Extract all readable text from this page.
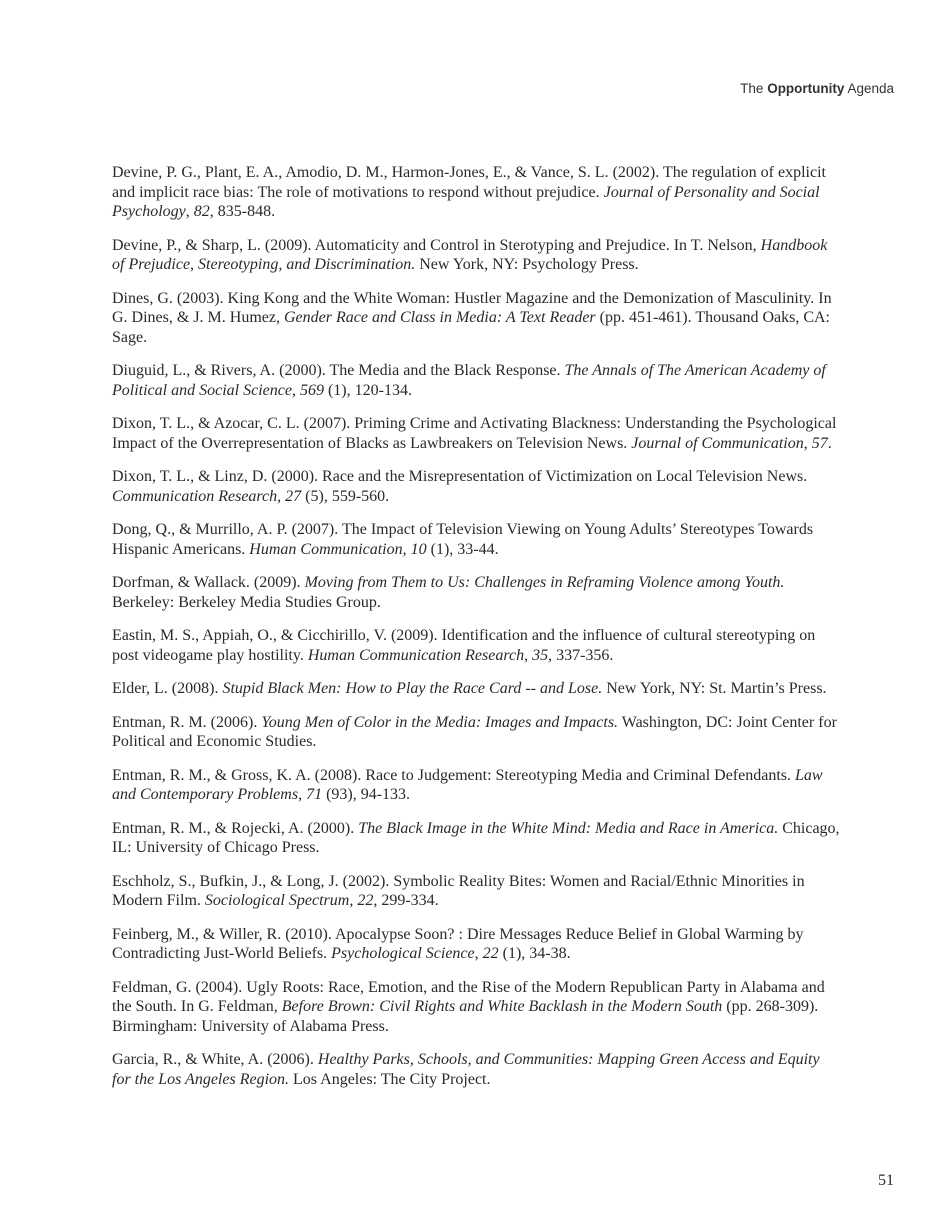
The Opportunity Agenda

Devine, P. G., Plant, E. A., Amodio, D. M., Harmon-Jones, E., & Vance, S. L. (2002). The regulation of explicit and implicit race bias: The role of motivations to respond without prejudice. Journal of Personality and Social Psychology, 82, 835-848.

Devine, P., & Sharp, L. (2009). Automaticity and Control in Sterotyping and Prejudice. In T. Nelson, Handbook of Prejudice, Stereotyping, and Discrimination. New York, NY: Psychology Press.

Dines, G. (2003). King Kong and the White Woman: Hustler Magazine and the Demonization of Masculinity. In G. Dines, & J. M. Humez, Gender Race and Class in Media: A Text Reader (pp. 451-461). Thousand Oaks, CA: Sage.

Diuguid, L., & Rivers, A. (2000). The Media and the Black Response. The Annals of The American Academy of Political and Social Science, 569 (1), 120-134.

Dixon, T. L., & Azocar, C. L. (2007). Priming Crime and Activating Blackness: Understanding the Psychological Impact of the Overrepresentation of Blacks as Lawbreakers on Television News. Journal of Communication, 57.

Dixon, T. L., & Linz, D. (2000). Race and the Misrepresentation of Victimization on Local Television News. Communication Research, 27 (5), 559-560.

Dong, Q., & Murrillo, A. P. (2007). The Impact of Television Viewing on Young Adults’ Stereotypes Towards Hispanic Americans. Human Communication, 10 (1), 33-44.

Dorfman, & Wallack. (2009). Moving from Them to Us: Challenges in Reframing Violence among Youth. Berkeley: Berkeley Media Studies Group.

Eastin, M. S., Appiah, O., & Cicchirillo, V. (2009). Identification and the influence of cultural stereotyping on post videogame play hostility. Human Communication Research, 35, 337-356.

Elder, L. (2008). Stupid Black Men: How to Play the Race Card -- and Lose. New York, NY: St. Martin’s Press.

Entman, R. M. (2006). Young Men of Color in the Media: Images and Impacts. Washington, DC: Joint Center for Political and Economic Studies.

Entman, R. M., & Gross, K. A. (2008). Race to Judgement: Stereotyping Media and Criminal Defendants. Law and Contemporary Problems, 71 (93), 94-133.

Entman, R. M., & Rojecki, A. (2000). The Black Image in the White Mind: Media and Race in America. Chicago, IL: University of Chicago Press.

Eschholz, S., Bufkin, J., & Long, J. (2002). Symbolic Reality Bites: Women and Racial/Ethnic Minorities in Modern Film. Sociological Spectrum, 22, 299-334.

Feinberg, M., & Willer, R. (2010). Apocalypse Soon? : Dire Messages Reduce Belief in Global Warming by Contradicting Just-World Beliefs. Psychological Science, 22 (1), 34-38.

Feldman, G. (2004). Ugly Roots: Race, Emotion, and the Rise of the Modern Republican Party in Alabama and the South. In G. Feldman, Before Brown: Civil Rights and White Backlash in the Modern South (pp. 268-309). Birmingham: University of Alabama Press.

Garcia, R., & White, A. (2006). Healthy Parks, Schools, and Communities: Mapping Green Access and Equity for the Los Angeles Region. Los Angeles: The City Project.

51
